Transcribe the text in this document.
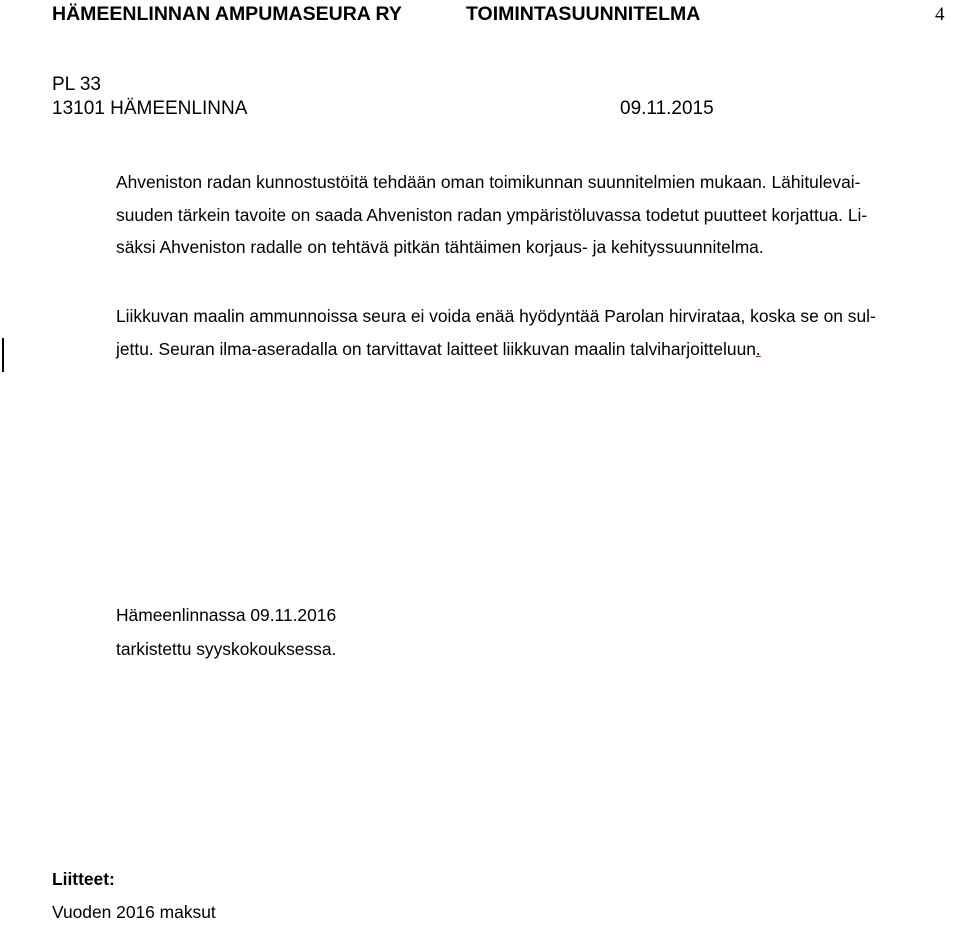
HÄMEENLINNAN AMPUMASEURA RY	TOIMINTASUUNNITELMA	4
PL 33
13101 HÄMEENLINNA	09.11.2015
Ahveniston radan kunnostustöitä tehdään oman toimikunnan suunnitelmien mukaan. Lähitulevai-
suuden tärkein tavoite on saada Ahveniston radan ympäristöluvassa todetut puutteet korjattua. Li-
säksi Ahveniston radalle on tehtävä pitkän tähtäimen korjaus- ja kehityssuunnitelma.
Liikkuvan maalin ammunnoissa seura ei voida enää hyödyntää Parolan hirvirataa, koska se on sul-
jettu. Seuran ilma-aseradalla on tarvittavat laitteet liikkuvan maalin talviharjoitteluun.
Hämeenlinnassa 09.11.2016
tarkistettu syyskokouksessa.
Liitteet:
Vuoden 2016 maksut
